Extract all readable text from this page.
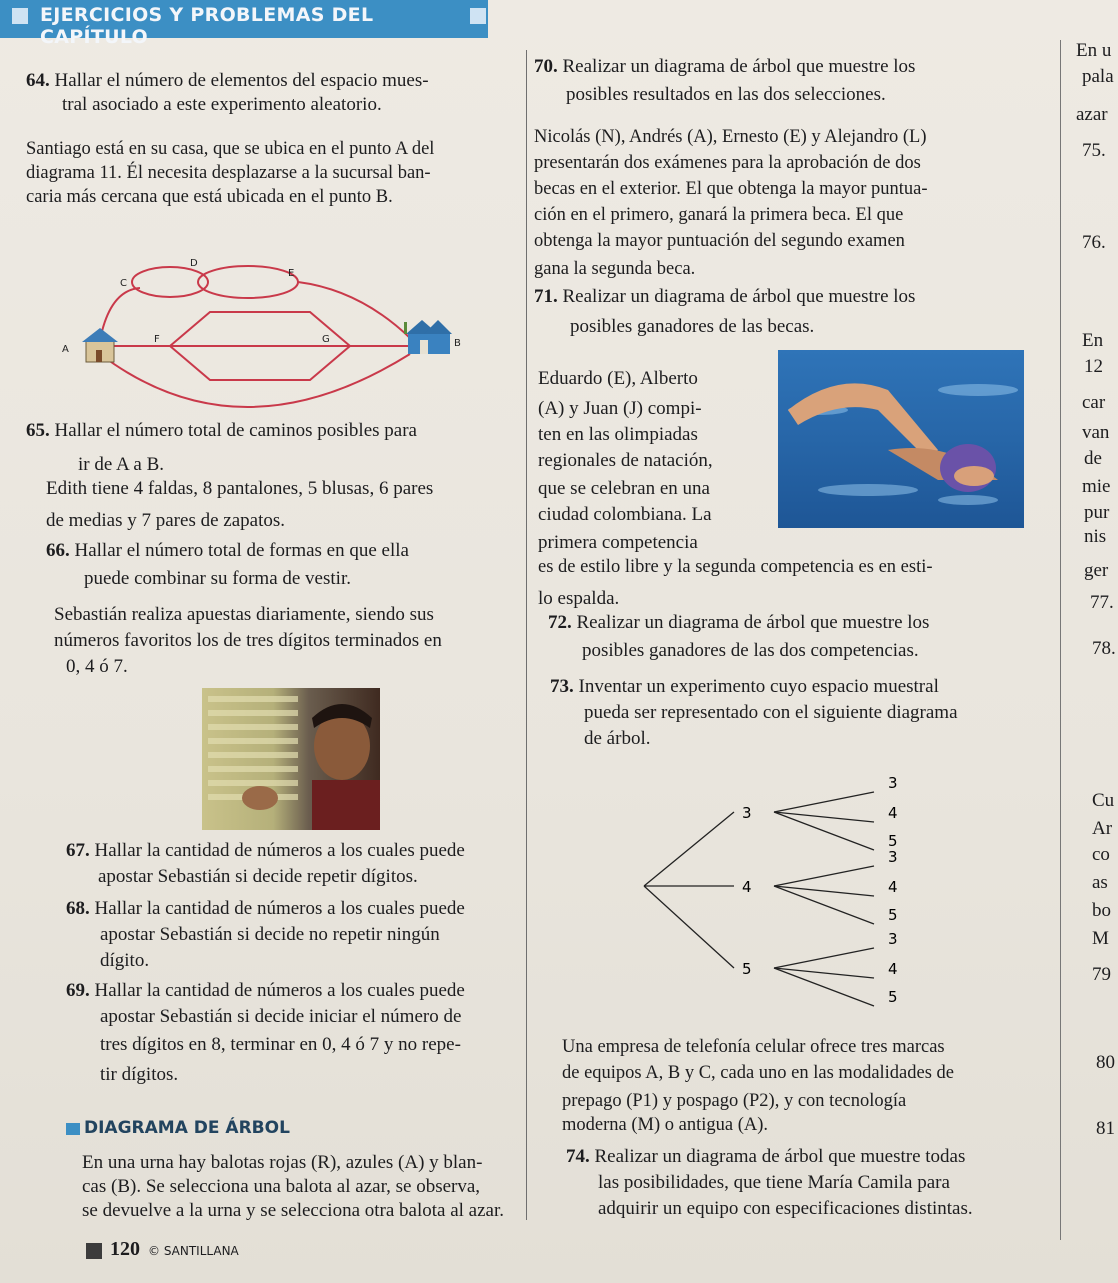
EJERCICIOS Y PROBLEMAS DEL CAPÍTULO
64. Hallar el número de elementos del espacio mues-
tral asociado a este experimento aleatorio.
Santiago está en su casa, que se ubica en el punto A del
diagrama 11. Él necesita desplazarse a la sucursal ban-
caria más cercana que está ubicada en el punto B.
A
C
D
E
F	G	B
65. Hallar el número total de caminos posibles para
ir de A a B.
Edith tiene 4 faldas, 8 pantalones, 5 blusas, 6 pares
de medias y 7 pares de zapatos.
66. Hallar el número total de formas en que ella
puede combinar su forma de vestir.
Sebastián realiza apuestas diariamente, siendo sus
números favoritos los de tres dígitos terminados en
0, 4 ó 7.
67. Hallar la cantidad de números a los cuales puede
apostar Sebastián si decide repetir dígitos.
68. Hallar la cantidad de números a los cuales puede
apostar Sebastián si decide no repetir ningún
dígito.
69. Hallar la cantidad de números a los cuales puede
apostar Sebastián si decide iniciar el número de
tres dígitos en 8, terminar en 0, 4 ó 7 y no repe-
tir dígitos.
DIAGRAMA DE ÁRBOL
En una urna hay balotas rojas (R), azules (A) y blan-
cas (B). Se selecciona una balota al azar, se observa,
se devuelve a la urna y se selecciona otra balota al azar.
120 © SANTILLANA
70. Realizar un diagrama de árbol que muestre los
posibles resultados en las dos selecciones.
Nicolás (N), Andrés (A), Ernesto (E) y Alejandro (L)
presentarán dos exámenes para la aprobación de dos
becas en el exterior. El que obtenga la mayor puntua-
ción en el primero, ganará la primera beca. El que
obtenga la mayor puntuación del segundo examen
gana la segunda beca.
71. Realizar un diagrama de árbol que muestre los
posibles ganadores de las becas.
Eduardo (E), Alberto
(A) y Juan (J) compi-
ten en las olimpiadas
regionales de natación,
que se celebran en una
ciudad colombiana. La
primera competencia
es de estilo libre y la segunda competencia es en esti-
lo espalda.
72. Realizar un diagrama de árbol que muestre los
posibles ganadores de las dos competencias.
73. Inventar un experimento cuyo espacio muestral
pueda ser representado con el siguiente diagrama
de árbol.
3
3
4
5
4
3
4
5
5
3
4
5
Una empresa de telefonía celular ofrece tres marcas
de equipos A, B y C, cada uno en las modalidades de
prepago (P1) y pospago (P2), y con tecnología
moderna (M) o antigua (A).
74. Realizar un diagrama de árbol que muestre todas
las posibilidades, que tiene María Camila para
adquirir un equipo con especificaciones distintas.
En u
pala
azar
75.
76.
En
12
car
van
de
mie
pur
nis
ger
77.
78.
Cu
Ar
co
as
bo
M
79
80
81
